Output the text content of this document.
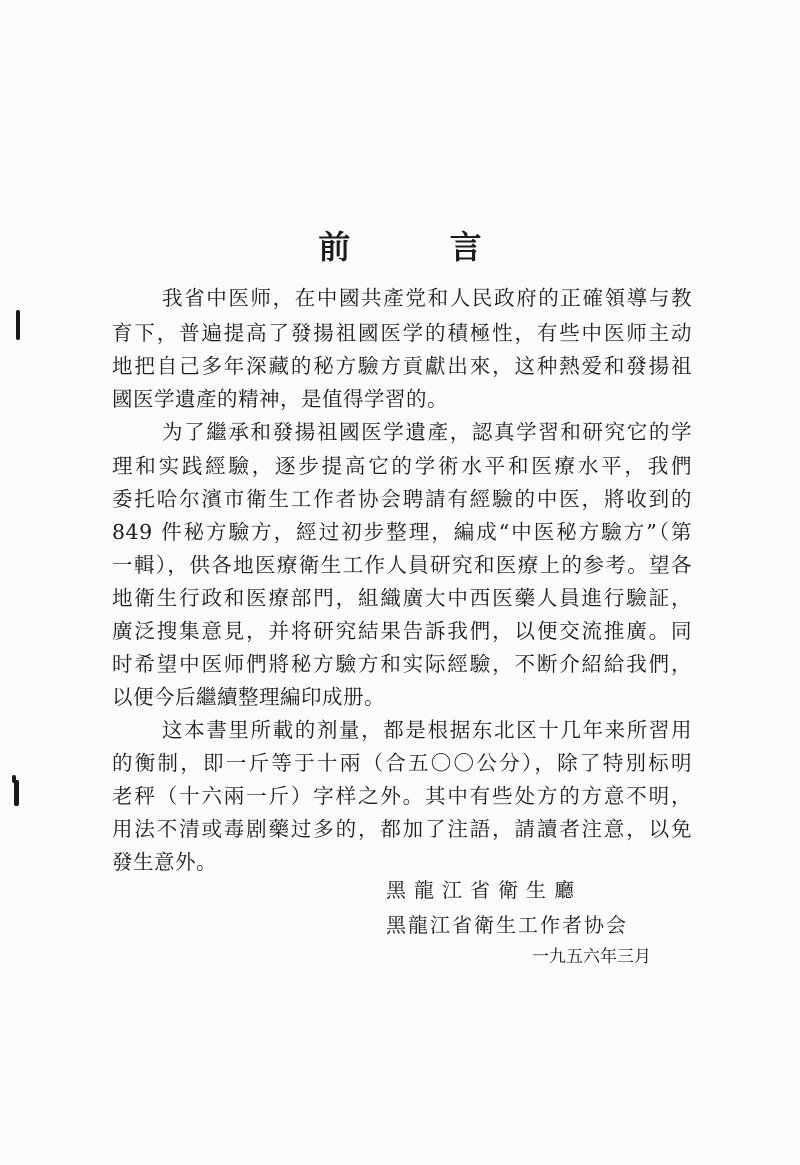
前 言
我省中医师，在中國共產党和人民政府的正確領導与教
育下，普遍提高了發揚祖國医学的積極性，有些中医师主动
地把自己多年深藏的秘方驗方貢獻出來，这种熱爱和發揚祖
國医学遺產的精神，是值得学習的。
为了繼承和發揚祖國医学遺產，認真学習和研究它的学
理和实践經驗，逐步提高它的学術水平和医療水平，我們
委托哈尔濱市衛生工作者协会聘請有經驗的中医，將收到的
849 件秘方驗方，經过初步整理，編成“中医秘方驗方”（第
一輯），供各地医療衛生工作人員研究和医療上的参考。望各
地衛生行政和医療部門，組織廣大中西医藥人員進行驗証，
廣泛搜集意見，并将研究結果告訴我們，以便交流推廣。同
时希望中医师們將秘方驗方和实际經驗，不断介紹給我們，
以便今后繼續整理編印成册。
这本書里所載的剂量，都是根据东北区十几年来所習用
的衡制，即一斤等于十兩（合五〇〇公分），除了特別标明
老秤（十六兩一斤）字样之外。其中有些处方的方意不明，
用法不清或毒剧藥过多的，都加了注語，請讀者注意，以免
發生意外。
黑龍江省衛生廳
黑龍江省衛生工作者协会
一九五六年三月
